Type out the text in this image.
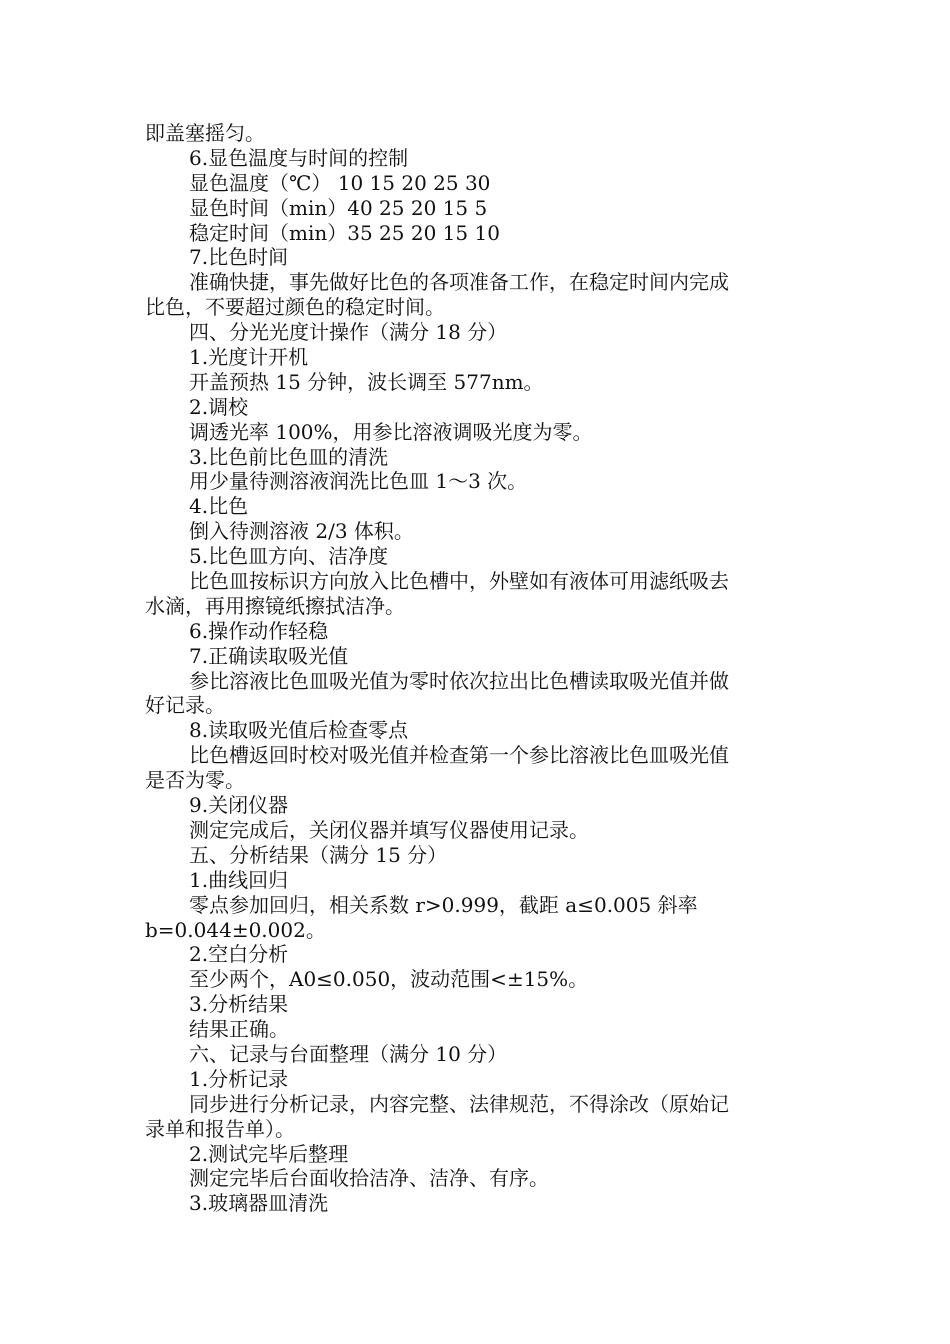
即盖塞摇匀。
6.显色温度与时间的控制
显色温度（℃） 10 15 20 25 30
显色时间（min）40 25 20 15 5
稳定时间（min）35 25 20 15 10
7.比色时间
准确快捷，事先做好比色的各项准备工作，在稳定时间内完成
比色，不要超过颜色的稳定时间。
四、分光光度计操作（满分 18 分）
1.光度计开机
开盖预热 15 分钟，波长调至 577nm。
2.调校
调透光率 100%，用参比溶液调吸光度为零。
3.比色前比色皿的清洗
用少量待测溶液润洗比色皿 1～3 次。
4.比色
倒入待测溶液 2/3 体积。
5.比色皿方向、洁净度
比色皿按标识方向放入比色槽中，外壁如有液体可用滤纸吸去
水滴，再用擦镜纸擦拭洁净。
6.操作动作轻稳
7.正确读取吸光值
参比溶液比色皿吸光值为零时依次拉出比色槽读取吸光值并做
好记录。
8.读取吸光值后检查零点
比色槽返回时校对吸光值并检查第一个参比溶液比色皿吸光值
是否为零。
9.关闭仪器
测定完成后，关闭仪器并填写仪器使用记录。
五、分析结果（满分 15 分）
1.曲线回归
零点参加回归，相关系数 r>0.999，截距 a≤0.005 斜率
b=0.044±0.002。
2.空白分析
至少两个，A0≤0.050，波动范围<±15%。
3.分析结果
结果正确。
六、记录与台面整理（满分 10 分）
1.分析记录
同步进行分析记录，内容完整、法律规范，不得涂改（原始记
录单和报告单）。
2.测试完毕后整理
测定完毕后台面收拾洁净、洁净、有序。
3.玻璃器皿清洗
